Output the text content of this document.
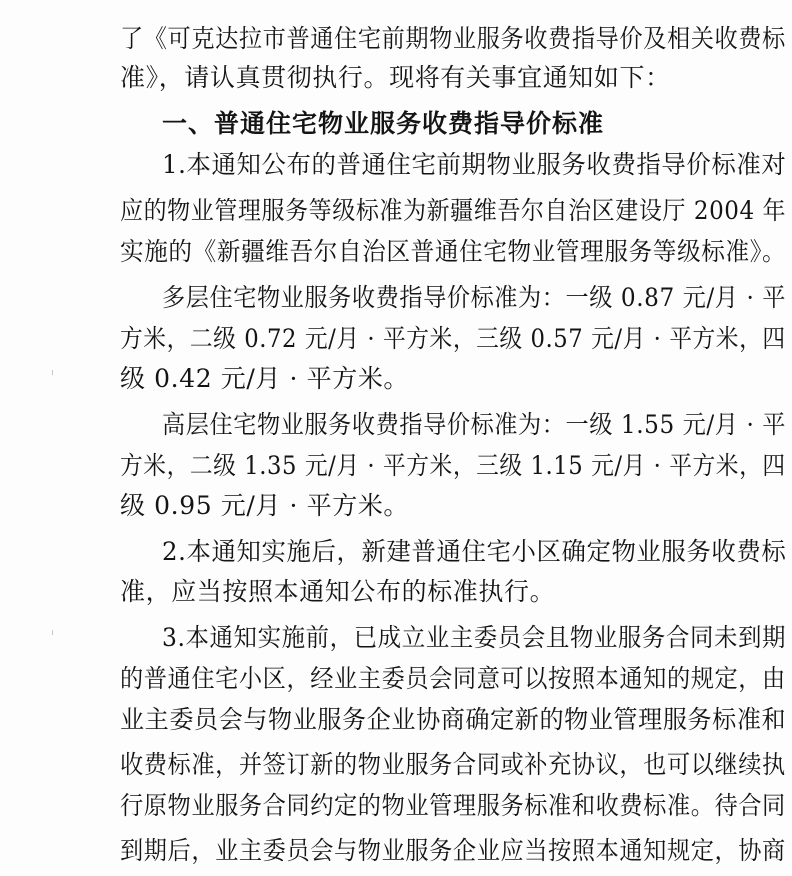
了《可克达拉市普通住宅前期物业服务收费指导价及相关收费标
准》，请认真贯彻执行。现将有关事宜通知如下：
一、普通住宅物业服务收费指导价标准
1.本通知公布的普通住宅前期物业服务收费指导价标准对
应的物业管理服务等级标准为新疆维吾尔自治区建设厅 2004 年
实施的《新疆维吾尔自治区普通住宅物业管理服务等级标准》。
多层住宅物业服务收费指导价标准为：一级 0.87 元/月 · 平
方米，二级 0.72 元/月 · 平方米，三级 0.57 元/月 · 平方米，四
级 0.42 元/月 · 平方米。
高层住宅物业服务收费指导价标准为：一级 1.55 元/月 · 平
方米，二级 1.35 元/月 · 平方米，三级 1.15 元/月 · 平方米，四
级 0.95 元/月 · 平方米。
2.本通知实施后，新建普通住宅小区确定物业服务收费标
准，应当按照本通知公布的标准执行。
3.本通知实施前，已成立业主委员会且物业服务合同未到期
的普通住宅小区，经业主委员会同意可以按照本通知的规定，由
业主委员会与物业服务企业协商确定新的物业管理服务标准和
收费标准，并签订新的物业服务合同或补充协议，也可以继续执
行原物业服务合同约定的物业管理服务标准和收费标准。待合同
到期后，业主委员会与物业服务企业应当按照本通知规定，协商
